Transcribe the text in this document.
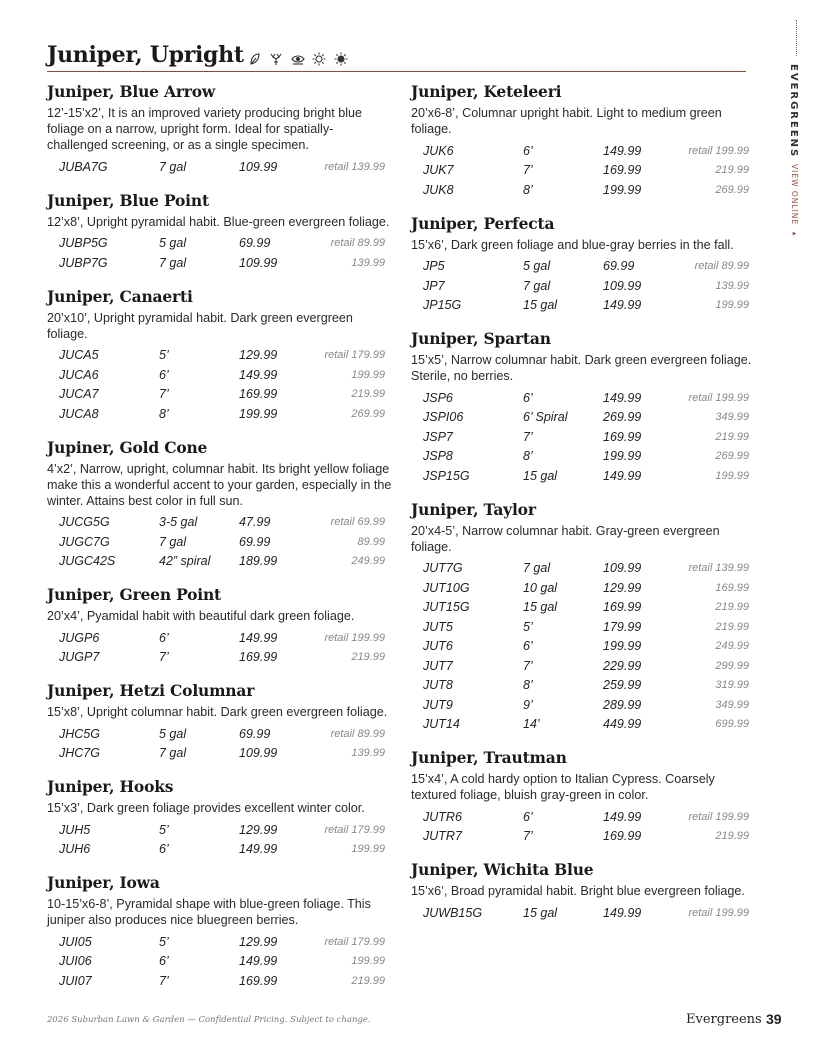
Juniper, Upright

EVERGREENS
VIEW ONLINE ▸
Juniper, Blue Arrow
12’-15’x2’, It is an improved variety producing bright blue foliage on a narrow, upright form. Ideal for spatially-challenged screening, or as a single specimen.
JUBA7G	7 gal	109.99	retail 139.99
Juniper, Blue Point
12’x8’, Upright pyramidal habit. Blue-green evergreen foliage.
JUBP5G	5 gal	69.99	retail 89.99
JUBP7G	7 gal	109.99	139.99
Juniper, Canaerti
20’x10’, Upright pyramidal habit. Dark green evergreen foliage.
JUCA5	5’	129.99	retail 179.99
JUCA6	6’	149.99	199.99
JUCA7	7’	169.99	219.99
JUCA8	8’	199.99	269.99
Jupiner, Gold Cone
4’x2’, Narrow, upright, columnar habit. Its bright yellow foliage make this a wonderful accent to your garden, especially in the winter. Attains best color in full sun.
JUCG5G	3-5 gal	47.99	retail 69.99
JUGC7G	7 gal	69.99	89.99
JUGC42S	42” spiral	189.99	249.99
Juniper, Green Point
20’x4’, Pyamidal habit with beautiful dark green foliage.
JUGP6	6’	149.99	retail 199.99
JUGP7	7’	169.99	219.99
Juniper, Hetzi Columnar
15’x8’, Upright columnar habit. Dark green evergreen foliage.
JHC5G	5 gal	69.99	retail 89.99
JHC7G	7 gal	109.99	139.99
Juniper, Hooks
15’x3’, Dark green foliage provides excellent winter color.
JUH5	5’	129.99	retail 179.99
JUH6	6’	149.99	199.99
Juniper, Iowa
10-15’x6-8’, Pyramidal shape with blue-green foliage. This juniper also produces nice bluegreen berries.
JUI05	5’	129.99	retail 179.99
JUI06	6’	149.99	199.99
JUI07	7’	169.99	219.99
Juniper, Keteleeri
20’x6-8’, Columnar upright habit. Light to medium green foliage.
JUK6	6’	149.99	retail 199.99
JUK7	7’	169.99	219.99
JUK8	8’	199.99	269.99
Juniper, Perfecta
15’x6’, Dark green foliage and blue-gray berries in the fall.
JP5	5 gal	69.99	retail 89.99
JP7	7 gal	109.99	139.99
JP15G	15 gal	149.99	199.99
Juniper, Spartan
15’x5’, Narrow columnar habit. Dark green evergreen foliage. Sterile, no berries.
JSP6	6’	149.99	retail 199.99
JSPI06	6’ Spiral	269.99	349.99
JSP7	7’	169.99	219.99
JSP8	8’	199.99	269.99
JSP15G	15 gal	149.99	199.99
Juniper, Taylor
20’x4-5’, Narrow columnar habit. Gray-green evergreen foliage.
JUT7G	7 gal	109.99	retail 139.99
JUT10G	10 gal	129.99	169.99
JUT15G	15 gal	169.99	219.99
JUT5	5’	179.99	219.99
JUT6	6’	199.99	249.99
JUT7	7’	229.99	299.99
JUT8	8’	259.99	319.99
JUT9	9’	289.99	349.99
JUT14	14’	449.99	699.99
Juniper, Trautman
15’x4’, A cold hardy option to Italian Cypress. Coarsely textured foliage, bluish gray-green in color.
JUTR6	6’	149.99	retail 199.99
JUTR7	7’	169.99	219.99
Juniper, Wichita Blue
15’x6’, Broad pyramidal habit. Bright blue evergreen foliage.
JUWB15G	15 gal	149.99	retail 199.99
2026 Suburban Lawn & Garden — Confidential Pricing. Subject to change.	Evergreens 39
